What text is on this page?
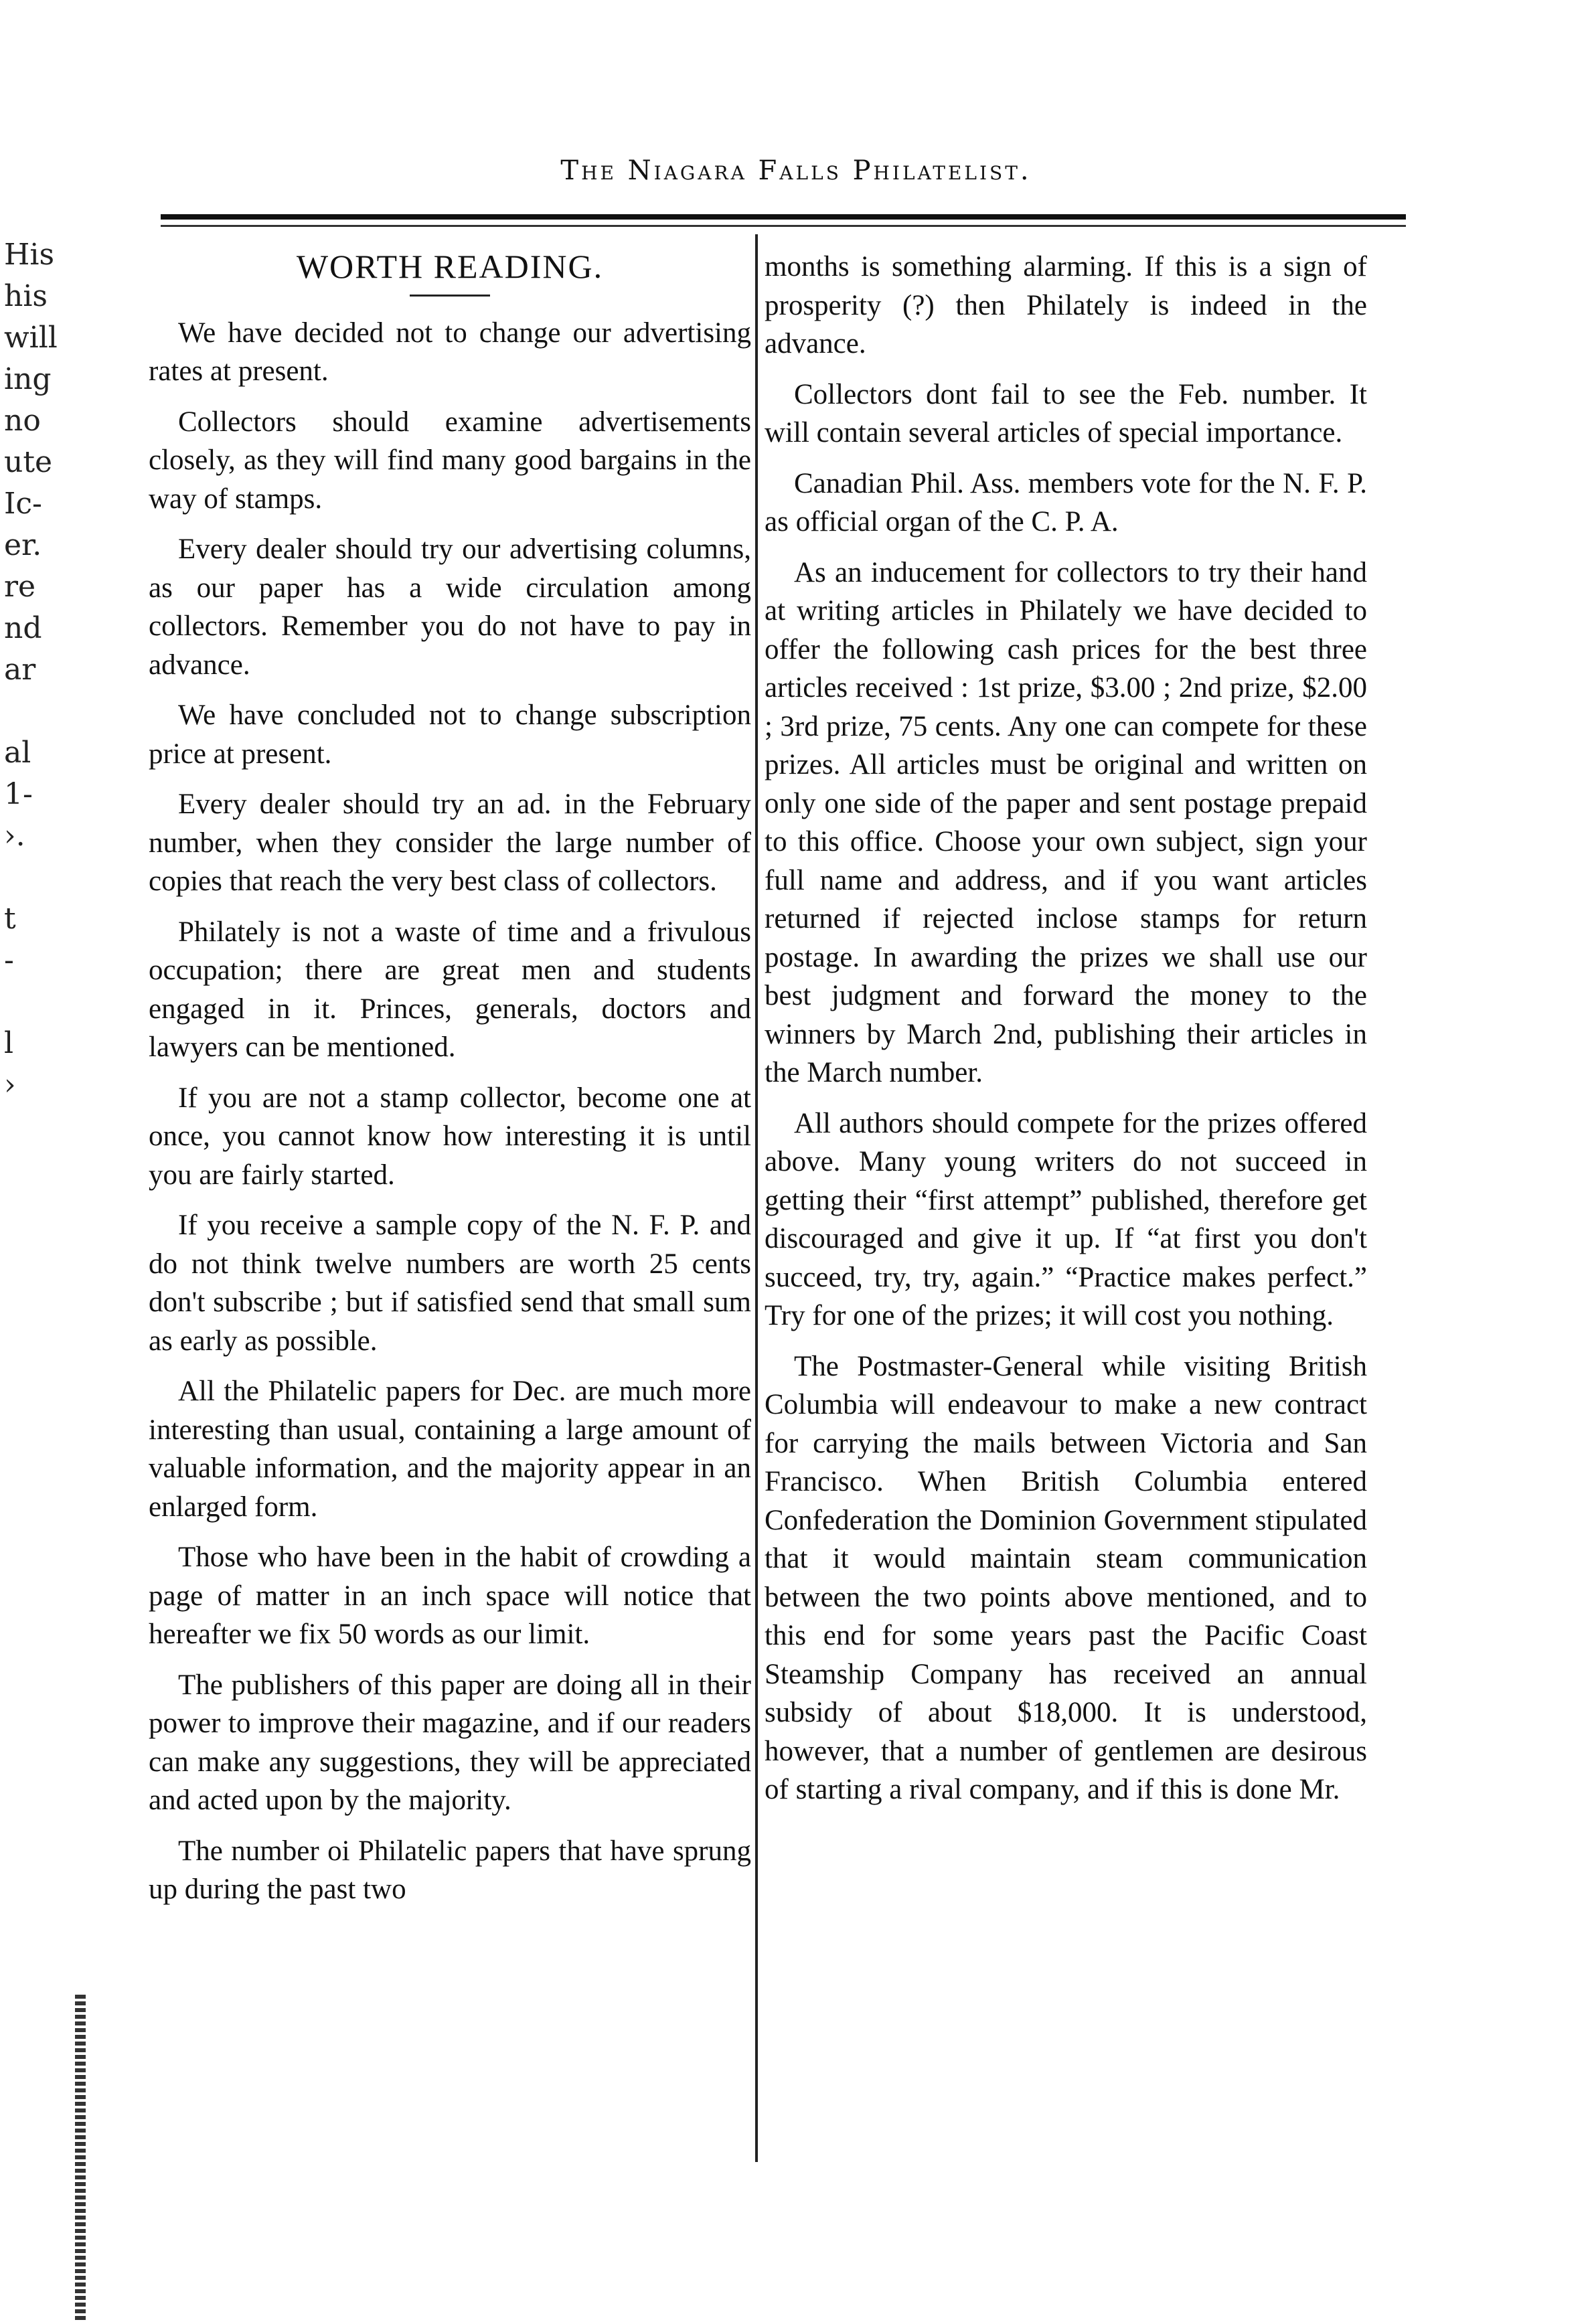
The Niagara Falls Philatelist.
His
his
will
ing
no
ute
Ic-
er.
re
nd
ar

al
1-
›.

t
-

l
›
WORTH READING.

We have decided not to change our advertising rates at present.

Collectors should examine advertisements closely, as they will find many good bargains in the way of stamps.

Every dealer should try our advertising columns, as our paper has a wide circulation among collectors. Remember you do not have to pay in advance.

We have concluded not to change subscription price at present.

Every dealer should try an ad. in the February number, when they consider the large number of copies that reach the very best class of collectors.

Philately is not a waste of time and a frivulous occupation; there are great men and students engaged in it. Princes, generals, doctors and lawyers can be mentioned.

If you are not a stamp collector, become one at once, you cannot know how interesting it is until you are fairly started.

If you receive a sample copy of the N. F. P. and do not think twelve numbers are worth 25 cents don't subscribe ; but if satisfied send that small sum as early as possible.

All the Philatelic papers for Dec. are much more interesting than usual, containing a large amount of valuable information, and the majority appear in an enlarged form.

Those who have been in the habit of crowding a page of matter in an inch space will notice that hereafter we fix 50 words as our limit.

The publishers of this paper are doing all in their power to improve their magazine, and if our readers can make any suggestions, they will be appreciated and acted upon by the majority.

The number oi Philatelic papers that have sprung up during the past two

months is something alarming. If this is a sign of prosperity (?) then Philately is indeed in the advance.

Collectors dont fail to see the Feb. number. It will contain several articles of special importance.

Canadian Phil. Ass. members vote for the N. F. P. as official organ of the C. P. A.

As an inducement for collectors to try their hand at writing articles in Philately we have decided to offer the following cash prices for the best three articles received : 1st prize, $3.00 ; 2nd prize, $2.00 ; 3rd prize, 75 cents. Any one can compete for these prizes. All articles must be original and written on only one side of the paper and sent postage prepaid to this office. Choose your own subject, sign your full name and address, and if you want articles returned if rejected inclose stamps for return postage. In awarding the prizes we shall use our best judgment and forward the money to the winners by March 2nd, publishing their articles in the March number.

All authors should compete for the prizes offered above. Many young writers do not succeed in getting their “first attempt” published, therefore get discouraged and give it up. If “at first you don't succeed, try, try, again.” “Practice makes perfect.” Try for one of the prizes; it will cost you nothing.

The Postmaster-General while visiting British Columbia will endeavour to make a new contract for carrying the mails between Victoria and San Francisco. When British Columbia entered Confederation the Dominion Government stipulated that it would maintain steam communication between the two points above mentioned, and to this end for some years past the Pacific Coast Steamship Company has received an annual subsidy of about $18,000. It is understood, however, that a number of gentlemen are desirous of starting a rival company, and if this is done Mr.
